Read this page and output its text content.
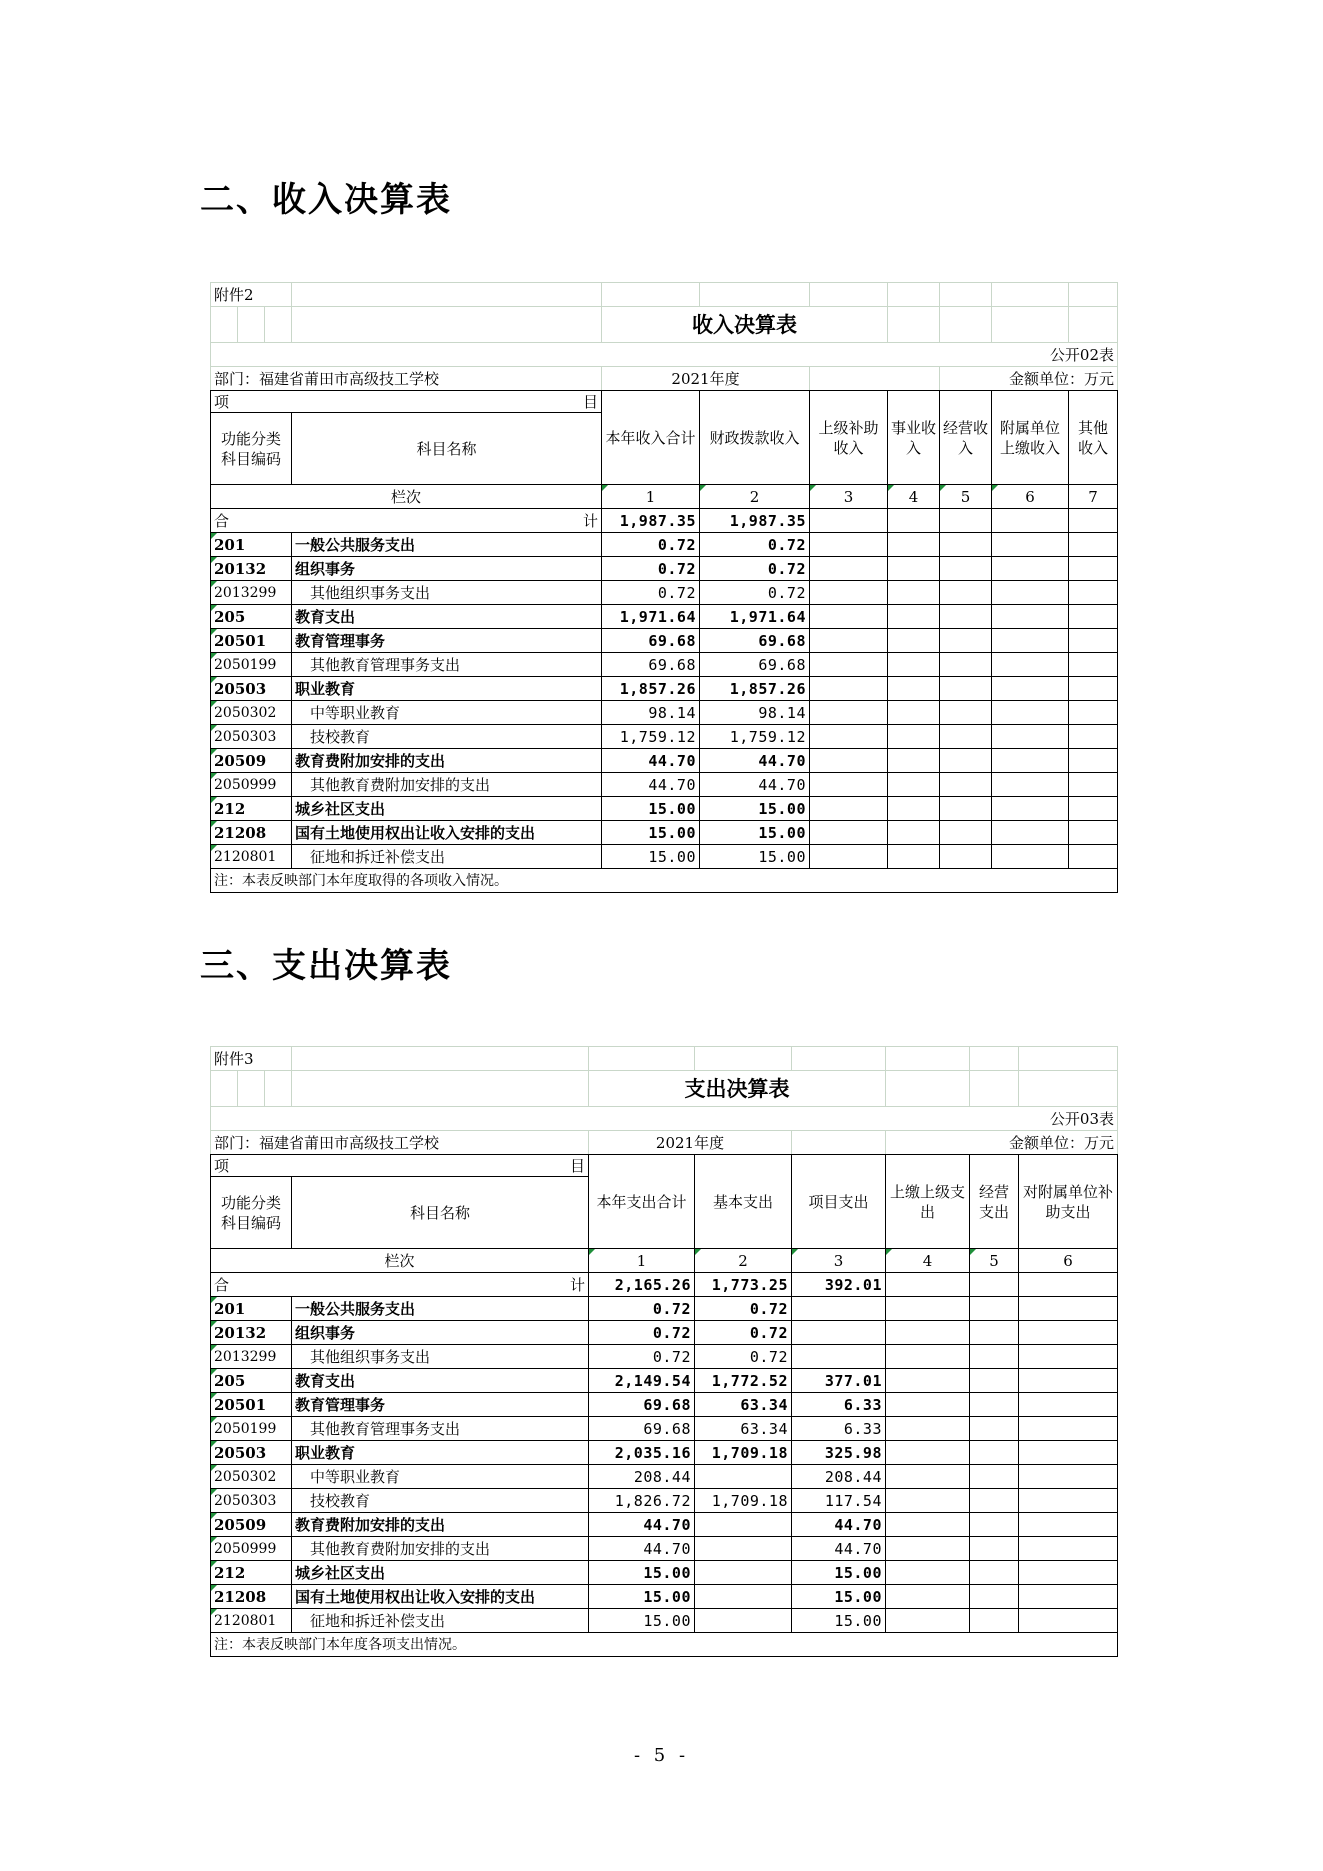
二、收入决算表
附件2										
				收入决算表						
									公开02表	
部门：福建省莆田市高级技工学校				2021年度				金额单位：万元		
项 目				本年收入合计	财政拨款收入	上级补助收入	事业收入	经营收入	附属单位上缴收入	其他收入
功能分类科目编码			科目名称							
栏次				1	2	3	4	5	6	7
合 计				1,987.35	1,987.35					
201			一般公共服务支出	0.72	0.72					
20132			组织事务	0.72	0.72					
2013299			其他组织事务支出	0.72	0.72					
205			教育支出	1,971.64	1,971.64					
20501			教育管理事务	69.68	69.68					
2050199			其他教育管理事务支出	69.68	69.68					
20503			职业教育	1,857.26	1,857.26					
2050302			中等职业教育	98.14	98.14					
2050303			技校教育	1,759.12	1,759.12					
20509			教育费附加安排的支出	44.70	44.70					
2050999			其他教育费附加安排的支出	44.70	44.70					
212			城乡社区支出	15.00	15.00					
21208			国有土地使用权出让收入安排的支出	15.00	15.00					
2120801			征地和拆迁补偿支出	15.00	15.00					
注：本表反映部门本年度取得的各项收入情况。										
三、支出决算表
附件3									
				支出决算表					
								公开03表	
部门：福建省莆田市高级技工学校				2021年度			金额单位：万元		
项 目				本年支出合计	基本支出	项目支出	上缴上级支出	经营支出	对附属单位补助支出
功能分类科目编码			科目名称						
栏次				1	2	3	4	5	6
合 计				2,165.26	1,773.25	392.01			
201			一般公共服务支出	0.72	0.72				
20132			组织事务	0.72	0.72				
2013299			其他组织事务支出	0.72	0.72				
205			教育支出	2,149.54	1,772.52	377.01			
20501			教育管理事务	69.68	63.34	6.33			
2050199			其他教育管理事务支出	69.68	63.34	6.33			
20503			职业教育	2,035.16	1,709.18	325.98			
2050302			中等职业教育	208.44		208.44			
2050303			技校教育	1,826.72	1,709.18	117.54			
20509			教育费附加安排的支出	44.70		44.70			
2050999			其他教育费附加安排的支出	44.70		44.70			
212			城乡社区支出	15.00		15.00			
21208			国有土地使用权出让收入安排的支出	15.00		15.00			
2120801			征地和拆迁补偿支出	15.00		15.00			
注：本表反映部门本年度各项支出情况。									
- 5 -
